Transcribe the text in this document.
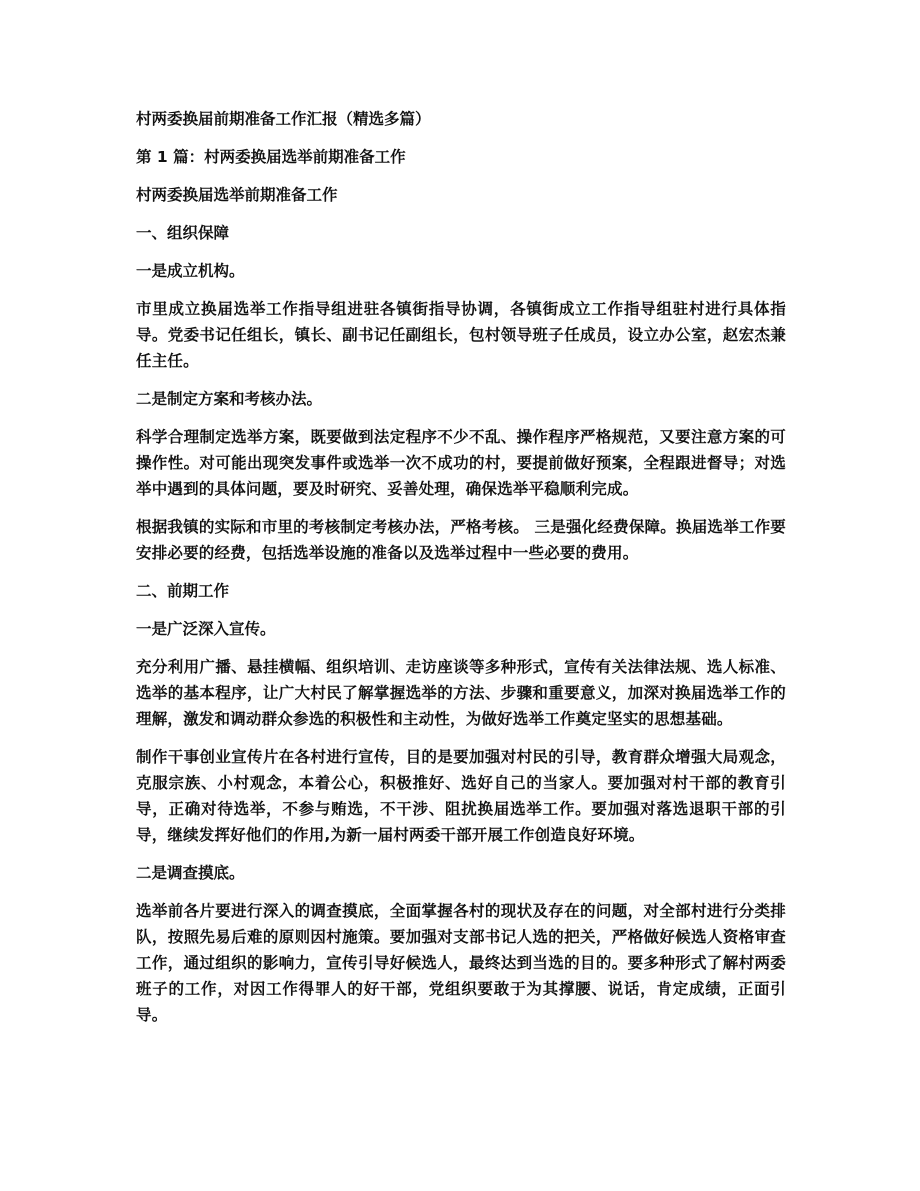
村两委换届前期准备工作汇报（精选多篇）

第 1 篇：村两委换届选举前期准备工作

村两委换届选举前期准备工作

一、组织保障

一是成立机构。

市里成立换届选举工作指导组进驻各镇街指导协调，各镇街成立工作指导组驻村进行具体指导。党委书记任组长，镇长、副书记任副组长，包村领导班子任成员，设立办公室，赵宏杰兼任主任。

二是制定方案和考核办法。

科学合理制定选举方案，既要做到法定程序不少不乱、操作程序严格规范，又要注意方案的可操作性。对可能出现突发事件或选举一次不成功的村，要提前做好预案，全程跟进督导；对选举中遇到的具体问题，要及时研究、妥善处理，确保选举平稳顺利完成。

根据我镇的实际和市里的考核制定考核办法，严格考核。 三是强化经费保障。换届选举工作要安排必要的经费，包括选举设施的准备以及选举过程中一些必要的费用。

二、前期工作

一是广泛深入宣传。

充分利用广播、悬挂横幅、组织培训、走访座谈等多种形式，宣传有关法律法规、选人标准、选举的基本程序，让广大村民了解掌握选举的方法、步骤和重要意义，加深对换届选举工作的理解，激发和调动群众参选的积极性和主动性，为做好选举工作奠定坚实的思想基础。

制作干事创业宣传片在各村进行宣传，目的是要加强对村民的引导，教育群众增强大局观念，克服宗族、小村观念，本着公心，积极推好、选好自己的当家人。要加强对村干部的教育引导，正确对待选举，不参与贿选，不干涉、阻扰换届选举工作。要加强对落选退职干部的引导，继续发挥好他们的作用,为新一届村两委干部开展工作创造良好环境。

二是调查摸底。

选举前各片要进行深入的调查摸底，全面掌握各村的现状及存在的问题，对全部村进行分类排队，按照先易后难的原则因村施策。要加强对支部书记人选的把关，严格做好候选人资格审查工作，通过组织的影响力，宣传引导好候选人，最终达到当选的目的。要多种形式了解村两委班子的工作，对因工作得罪人的好干部，党组织要敢于为其撑腰、说话，肯定成绩，正面引导。
